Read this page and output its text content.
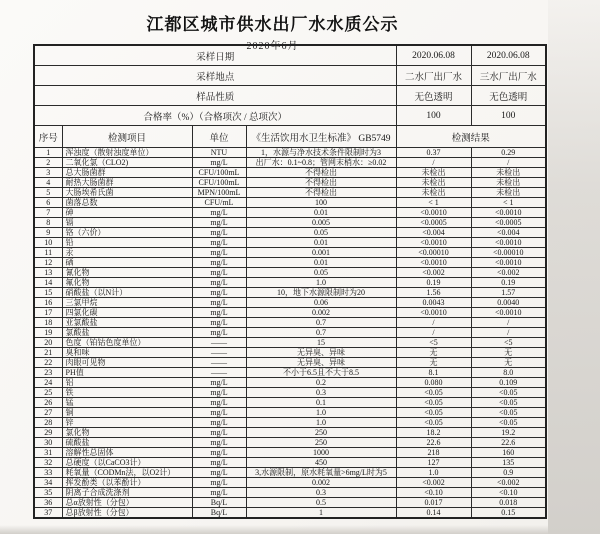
江都区城市供水出厂水水质公示
2020年6月
采样日期				2020.06.08	2020.06.08
采样地点				二水厂出厂水	三水厂出厂水
样品性质				无色透明	无色透明
合格率（%）（合格项次 / 总项次）				100	100
序号	检测项目	单位	《生活饮用水卫生标准》 GB5749	检测结果	
1	浑浊度（散射浊度单位）	NTU	1，水源与净水技术条件限制时为3	0.37	0.29
2	二氧化氯（CLO2)	mg/L	出厂水：0.1~0.8；管网末梢水：≥0.02	/	/
3	总大肠菌群	CFU/100mL	不得检出	未检出	未检出
4	耐热大肠菌群	CFU/100mL	不得检出	未检出	未检出
5	大肠埃希氏菌	MPN/100mL	不得检出	未检出	未检出
6	菌落总数	CFU/mL	100	< 1	< 1
7	砷	mg/L	0.01	<0.0010	<0.0010
8	镉	mg/L	0.005	<0.0005	<0.0005
9	铬（六价）	mg/L	0.05	<0.004	<0.004
10	铅	mg/L	0.01	<0.0010	<0.0010
11	汞	mg/L	0.001	<0.00010	<0.00010
12	硒	mg/L	0.01	<0.0010	<0.0010
13	氰化物	mg/L	0.05	<0.002	<0.002
14	氟化物	mg/L	1.0	0.19	0.19
15	硝酸盐（以N计）	mg/L	10，地下水源限制时为20	1.56	1.57
16	三氯甲烷	mg/L	0.06	0.0043	0.0040
17	四氯化碳	mg/L	0.002	<0.0010	<0.0010
18	亚氯酸盐	mg/L	0.7	/	/
19	氯酸盐	mg/L	0.7	/	/
20	色度（铂钴色度单位）	——	15	<5	<5
21	臭和味	——	无异臭、异味	无	无
22	肉眼可见物	——	无异臭、异味	无	无
23	PH值	——	不小于6.5且不大于8.5	8.1	8.0
24	铝	mg/L	0.2	0.080	0.109
25	铁	mg/L	0.3	<0.05	<0.05
26	锰	mg/L	0.1	<0.05	<0.05
27	铜	mg/L	1.0	<0.05	<0.05
28	锌	mg/L	1.0	<0.05	<0.05
29	氯化物	mg/L	250	18.2	19.2
30	硫酸盐	mg/L	250	22.6	22.6
31	溶解性总固体	mg/L	1000	218	160
32	总硬度（以CaCO3计）	mg/L	450	127	135
33	耗氧量（CODMn法，以O2计）	mg/L	3,水源限制，原水耗氧量>6mg/L时为5	1.0	0.9
34	挥发酚类（以苯酚计）	mg/L	0.002	<0.002	<0.002
35	阴离子合成洗涤剂	mg/L	0.3	<0.10	<0.10
36	总α放射性（分包）	Bq/L	0.5	0.017	0.018
37	总β放射性（分包）	Bq/L	1	0.14	0.15
